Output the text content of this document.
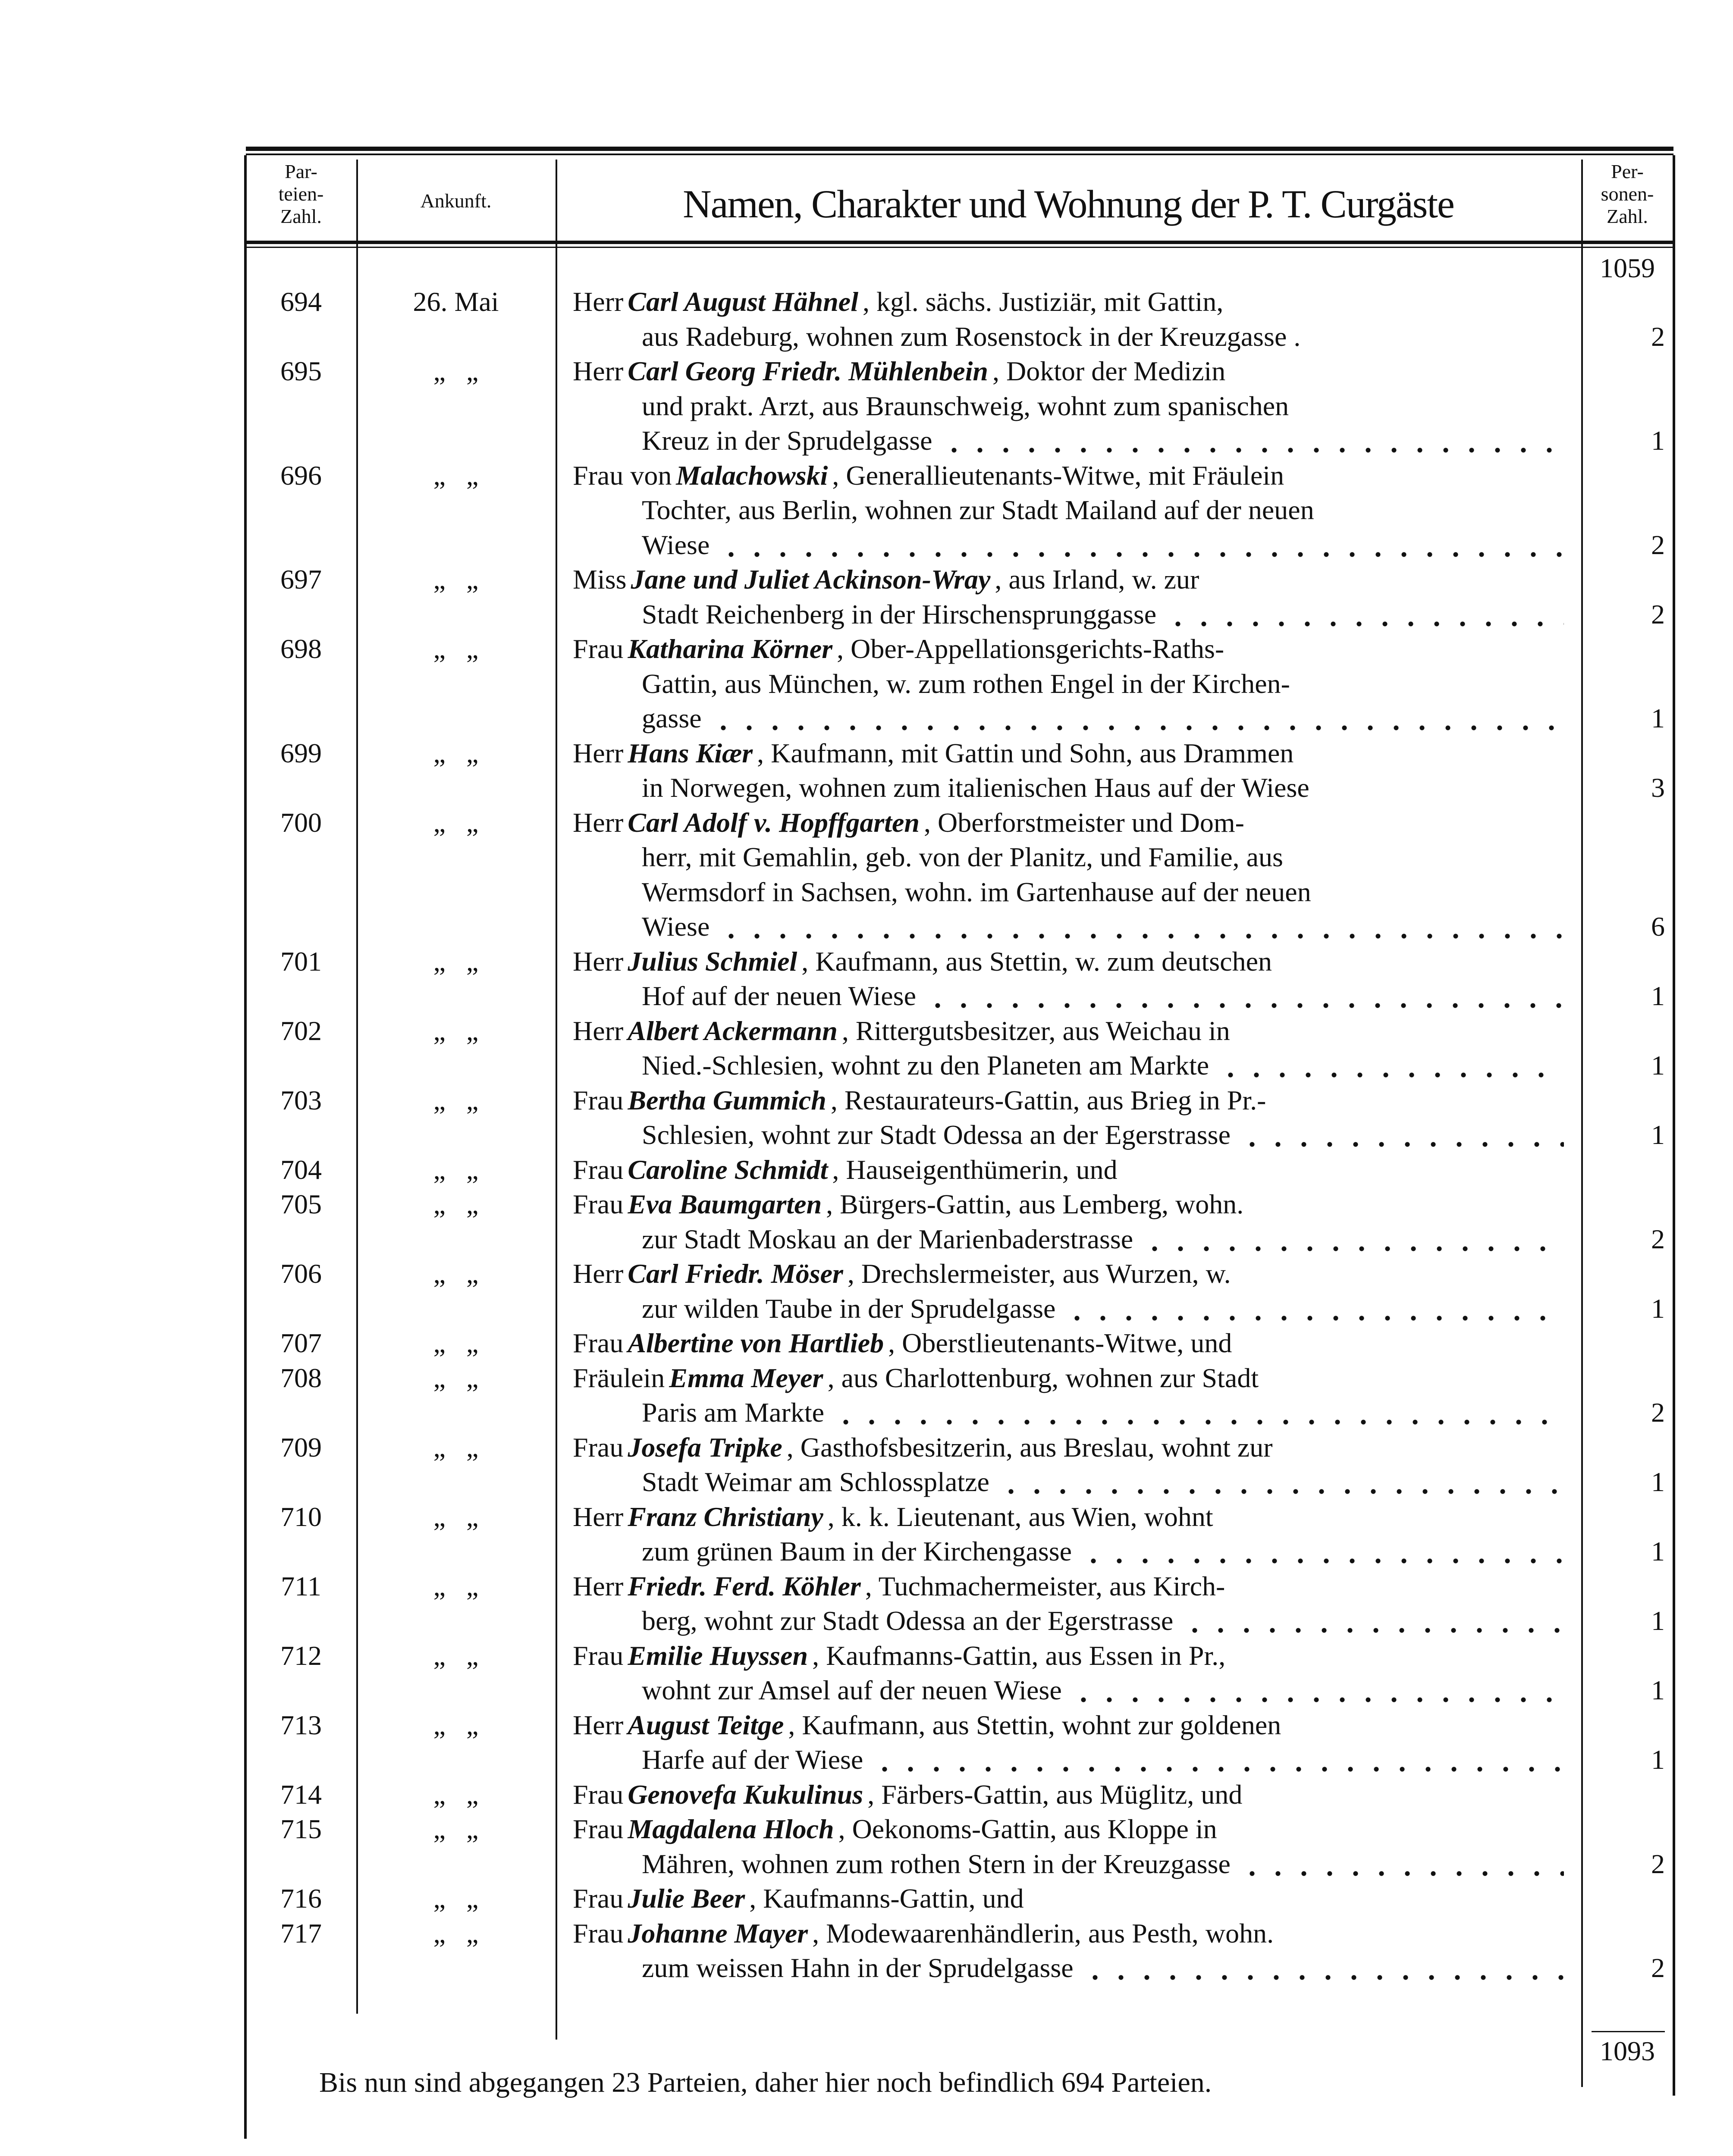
Par-
teien-
Zahl.
Ankunft.	Namen, Charakter und Wohnung der P. T. Curgäste
Per-
sonen-
Zahl.
1059
694	26. Mai	Herr Carl August Hähnel , kgl. sächs. Justiziär, mit Gattin,
aus Radeburg, wohnen zum Rosenstock in der Kreuzgasse .	2
695	„   „	Herr Carl Georg Friedr. Mühlenbein , Doktor der Medizin
und prakt. Arzt, aus Braunschweig, wohnt zum spanischen
Kreuz in der Sprudelgasse	1
696	„   „	Frau von Malachowski , Generallieutenants-Witwe, mit Fräulein
Tochter, aus Berlin, wohnen zur Stadt Mailand auf der neuen
Wiese	2
697	„   „	Miss Jane und Juliet Ackinson-Wray , aus Irland, w. zur
Stadt Reichenberg in der Hirschensprunggasse	2
698	„   „	Frau Katharina Körner , Ober-Appellationsgerichts-Raths-
Gattin, aus München, w. zum rothen Engel in der Kirchen-
gasse	1
699	„   „	Herr Hans Kiær , Kaufmann, mit Gattin und Sohn, aus Drammen
in Norwegen, wohnen zum italienischen Haus auf der Wiese	3
700	„   „	Herr Carl Adolf v. Hopffgarten , Oberforstmeister und Dom-
herr, mit Gemahlin, geb. von der Planitz, und Familie, aus
Wermsdorf in Sachsen, wohn. im Gartenhause auf der neuen
Wiese	6
701	„   „	Herr Julius Schmiel , Kaufmann, aus Stettin, w. zum deutschen
Hof auf der neuen Wiese	1
702	„   „	Herr Albert Ackermann , Rittergutsbesitzer, aus Weichau in
Nied.-Schlesien, wohnt zu den Planeten am Markte	1
703	„   „	Frau Bertha Gummich , Restaurateurs-Gattin, aus Brieg in Pr.-
Schlesien, wohnt zur Stadt Odessa an der Egerstrasse	1
704	„   „	Frau Caroline Schmidt , Hauseigenthümerin, und
705	„   „	Frau Eva Baumgarten , Bürgers-Gattin, aus Lemberg, wohn.
zur Stadt Moskau an der Marienbaderstrasse	2
706	„   „	Herr Carl Friedr. Möser , Drechslermeister, aus Wurzen, w.
zur wilden Taube in der Sprudelgasse	1
707	„   „	Frau Albertine von Hartlieb , Oberstlieutenants-Witwe, und
708	„   „	Fräulein Emma Meyer , aus Charlottenburg, wohnen zur Stadt
Paris am Markte	2
709	„   „	Frau Josefa Tripke , Gasthofsbesitzerin, aus Breslau, wohnt zur
Stadt Weimar am Schlossplatze	1
710	„   „	Herr Franz Christiany , k. k. Lieutenant, aus Wien, wohnt
zum grünen Baum in der Kirchengasse	1
711	„   „	Herr Friedr. Ferd. Köhler , Tuchmachermeister, aus Kirch-
berg, wohnt zur Stadt Odessa an der Egerstrasse	1
712	„   „	Frau Emilie Huyssen , Kaufmanns-Gattin, aus Essen in Pr.,
wohnt zur Amsel auf der neuen Wiese	1
713	„   „	Herr August Teitge , Kaufmann, aus Stettin, wohnt zur goldenen
Harfe auf der Wiese	1
714	„   „	Frau Genovefa Kukulinus , Färbers-Gattin, aus Müglitz, und
715	„   „	Frau Magdalena Hloch , Oekonoms-Gattin, aus Kloppe in
Mähren, wohnen zum rothen Stern in der Kreuzgasse	2
716	„   „	Frau Julie Beer , Kaufmanns-Gattin, und
717	„   „	Frau Johanne Mayer , Modewaarenhändlerin, aus Pesth, wohn.
zum weissen Hahn in der Sprudelgasse	2
1093
Bis nun sind abgegangen 23 Parteien, daher hier noch befindlich 694 Parteien.
